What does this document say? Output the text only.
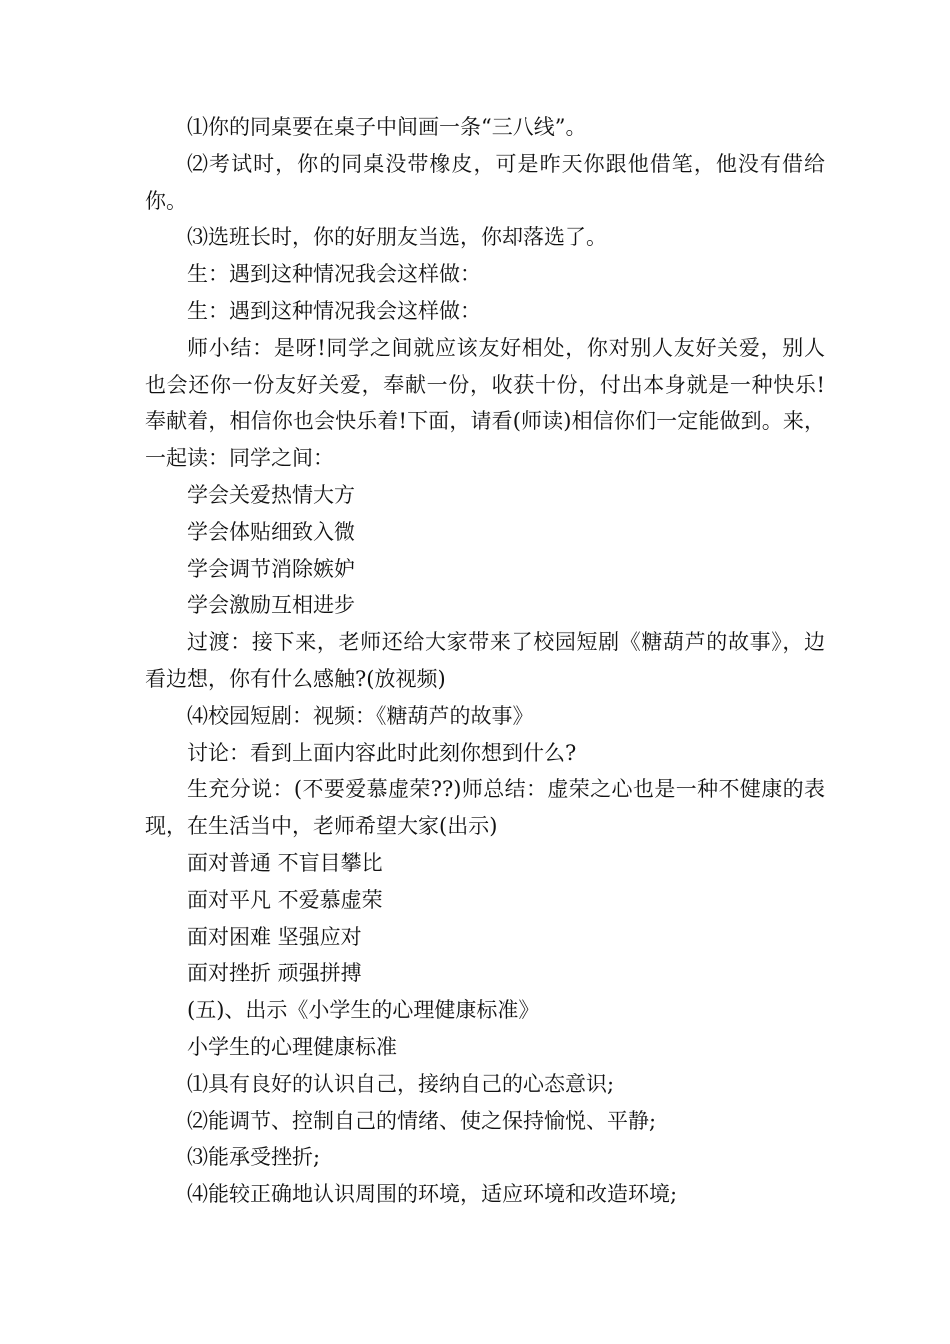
⑴你的同桌要在桌子中间画一条“三八线”。

⑵考试时，你的同桌没带橡皮，可是昨天你跟他借笔，他没有借给你。

⑶选班长时，你的好朋友当选，你却落选了。

生：遇到这种情况我会这样做：

生：遇到这种情况我会这样做：

师小结：是呀!同学之间就应该友好相处，你对别人友好关爱，别人也会还你一份友好关爱，奉献一份，收获十份，付出本身就是一种快乐!奉献着，相信你也会快乐着!下面，请看(师读)相信你们一定能做到。来，一起读：同学之间：

学会关爱热情大方

学会体贴细致入微

学会调节消除嫉妒

学会激励互相进步

过渡：接下来，老师还给大家带来了校园短剧《糖葫芦的故事》，边看边想，你有什么感触?(放视频)

⑷校园短剧：视频：《糖葫芦的故事》

讨论：看到上面内容此时此刻你想到什么?

生充分说：(不要爱慕虚荣??)师总结：虚荣之心也是一种不健康的表现，在生活当中，老师希望大家(出示)

面对普通 不盲目攀比

面对平凡 不爱慕虚荣

面对困难 坚强应对

面对挫折 顽强拼搏

(五)、出示《小学生的心理健康标准》

小学生的心理健康标准

⑴具有良好的认识自己，接纳自己的心态意识;

⑵能调节、控制自己的情绪、使之保持愉悦、平静;

⑶能承受挫折;

⑷能较正确地认识周围的环境，适应环境和改造环境;
